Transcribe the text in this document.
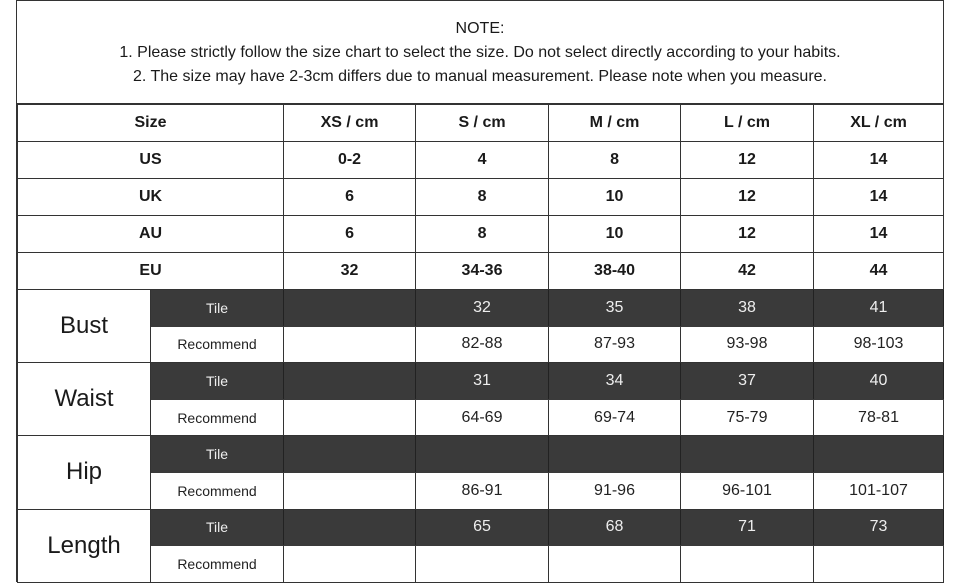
NOTE:
1. Please strictly follow the size chart to select the size. Do not select directly according to your habits.
2. The size may have 2-3cm differs due to manual measurement. Please note when you measure.
Size		XS / cm	S / cm	M / cm	L / cm	XL / cm
US		0-2	4	8	12	14
UK		6	8	10	12	14
AU		6	8	10	12	14
EU		32	34-36	38-40	42	44
Bust	Tile		32	35	38	41
	Recommend		82-88	87-93	93-98	98-103
Waist	Tile		31	34	37	40
	Recommend		64-69	69-74	75-79	78-81
Hip	Tile					
	Recommend		86-91	91-96	96-101	101-107
Length	Tile		65	68	71	73
	Recommend					
